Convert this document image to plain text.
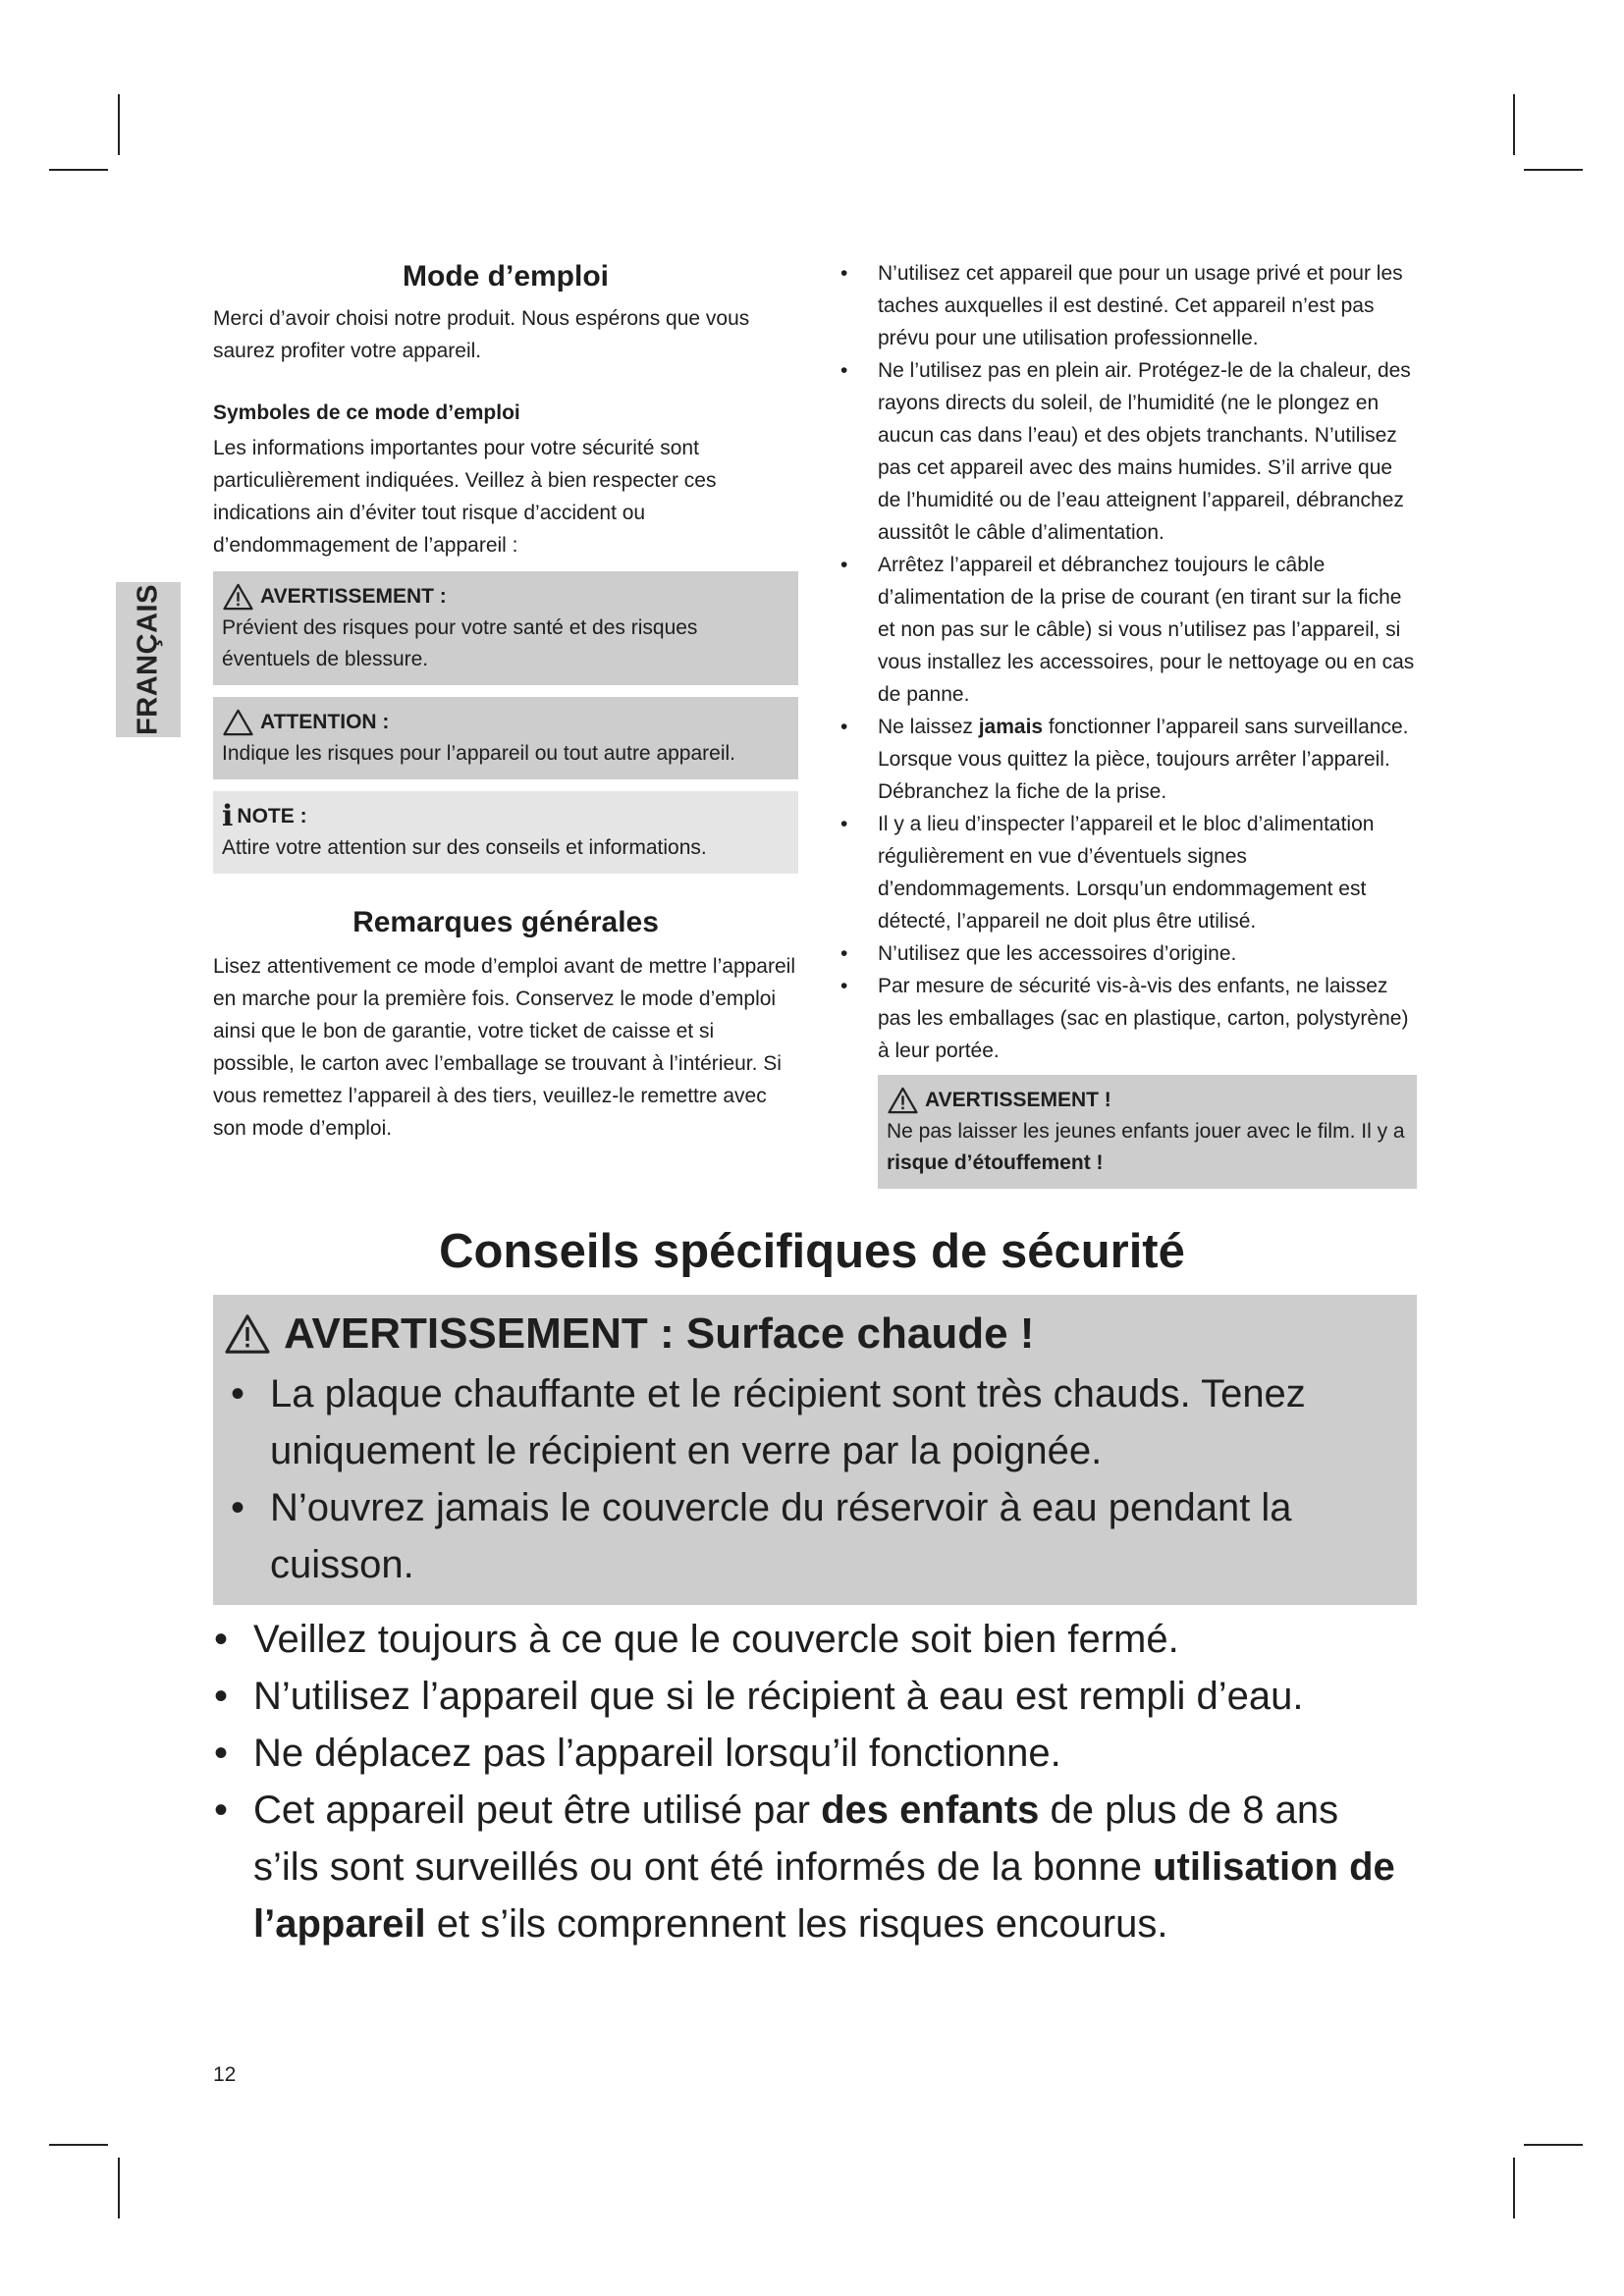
FRANÇAIS
Mode d’emploi

Merci d’avoir choisi notre produit. Nous espérons que vous saurez profiter votre appareil.

Symboles de ce mode d’emploi

Les informations importantes pour votre sécurité sont particulièrement indiquées. Veillez à bien respecter ces indications ain d’éviter tout risque d’accident ou d’endommagement de l’appareil :

AVERTISSEMENT :
Prévient des risques pour votre santé et des risques éventuels de blessure.
ATTENTION :
Indique les risques pour l’appareil ou tout autre appareil.
ℹ NOTE :
Attire votre attention sur des conseils et informations.
Remarques générales

Lisez attentivement ce mode d’emploi avant de mettre l’appareil en marche pour la première fois. Conservez le mode d’emploi ainsi que le bon de garantie, votre ticket de caisse et si possible, le carton avec l’emballage se trouvant à l’intérieur. Si vous remettez l’appareil à des tiers, veuillez-le remettre avec son mode d’emploi.

• N’utilisez cet appareil que pour un usage privé et pour les taches auxquelles il est destiné. Cet appareil n’est pas prévu pour une utilisation professionnelle.
• Ne l’utilisez pas en plein air. Protégez-le de la chaleur, des rayons directs du soleil, de l’humidité (ne le plongez en aucun cas dans l’eau) et des objets tranchants. N’utilisez pas cet appareil avec des mains humides. S’il arrive que de l’humidité ou de l’eau atteignent l’appareil, débranchez aussitôt le câble d’alimentation.
• Arrêtez l’appareil et débranchez toujours le câble d’alimentation de la prise de courant (en tirant sur la fiche et non pas sur le câble) si vous n’utilisez pas l’appareil, si vous installez les accessoires, pour le nettoyage ou en cas de panne.
• Ne laissez jamais fonctionner l’appareil sans surveillance. Lorsque vous quittez la pièce, toujours arrêter l’appareil. Débranchez la fiche de la prise.
• Il y a lieu d’inspecter l’appareil et le bloc d’alimentation régulièrement en vue d’éventuels signes d’endommagements. Lorsqu’un endommagement est détecté, l’appareil ne doit plus être utilisé.
• N’utilisez que les accessoires d’origine.
• Par mesure de sécurité vis-à-vis des enfants, ne laissez pas les emballages (sac en plastique, carton, polystyrène) à leur portée.
AVERTISSEMENT !
Ne pas laisser les jeunes enfants jouer avec le film. Il y a risque d’étouffement !
Conseils spécifiques de sécurité
AVERTISSEMENT : Surface chaude !
• La plaque chauffante et le récipient sont très chauds. Tenez uniquement le récipient en verre par la poignée.
• N’ouvrez jamais le couvercle du réservoir à eau pendant la cuisson.
• Veillez toujours à ce que le couvercle soit bien fermé.
• N’utilisez l’appareil que si le récipient à eau est rempli d’eau.
• Ne déplacez pas l’appareil lorsqu’il fonctionne.
• Cet appareil peut être utilisé par des enfants de plus de 8 ans s’ils sont surveillés ou ont été informés de la bonne utilisation de l’appareil et s’ils comprennent les risques encourus.
12
